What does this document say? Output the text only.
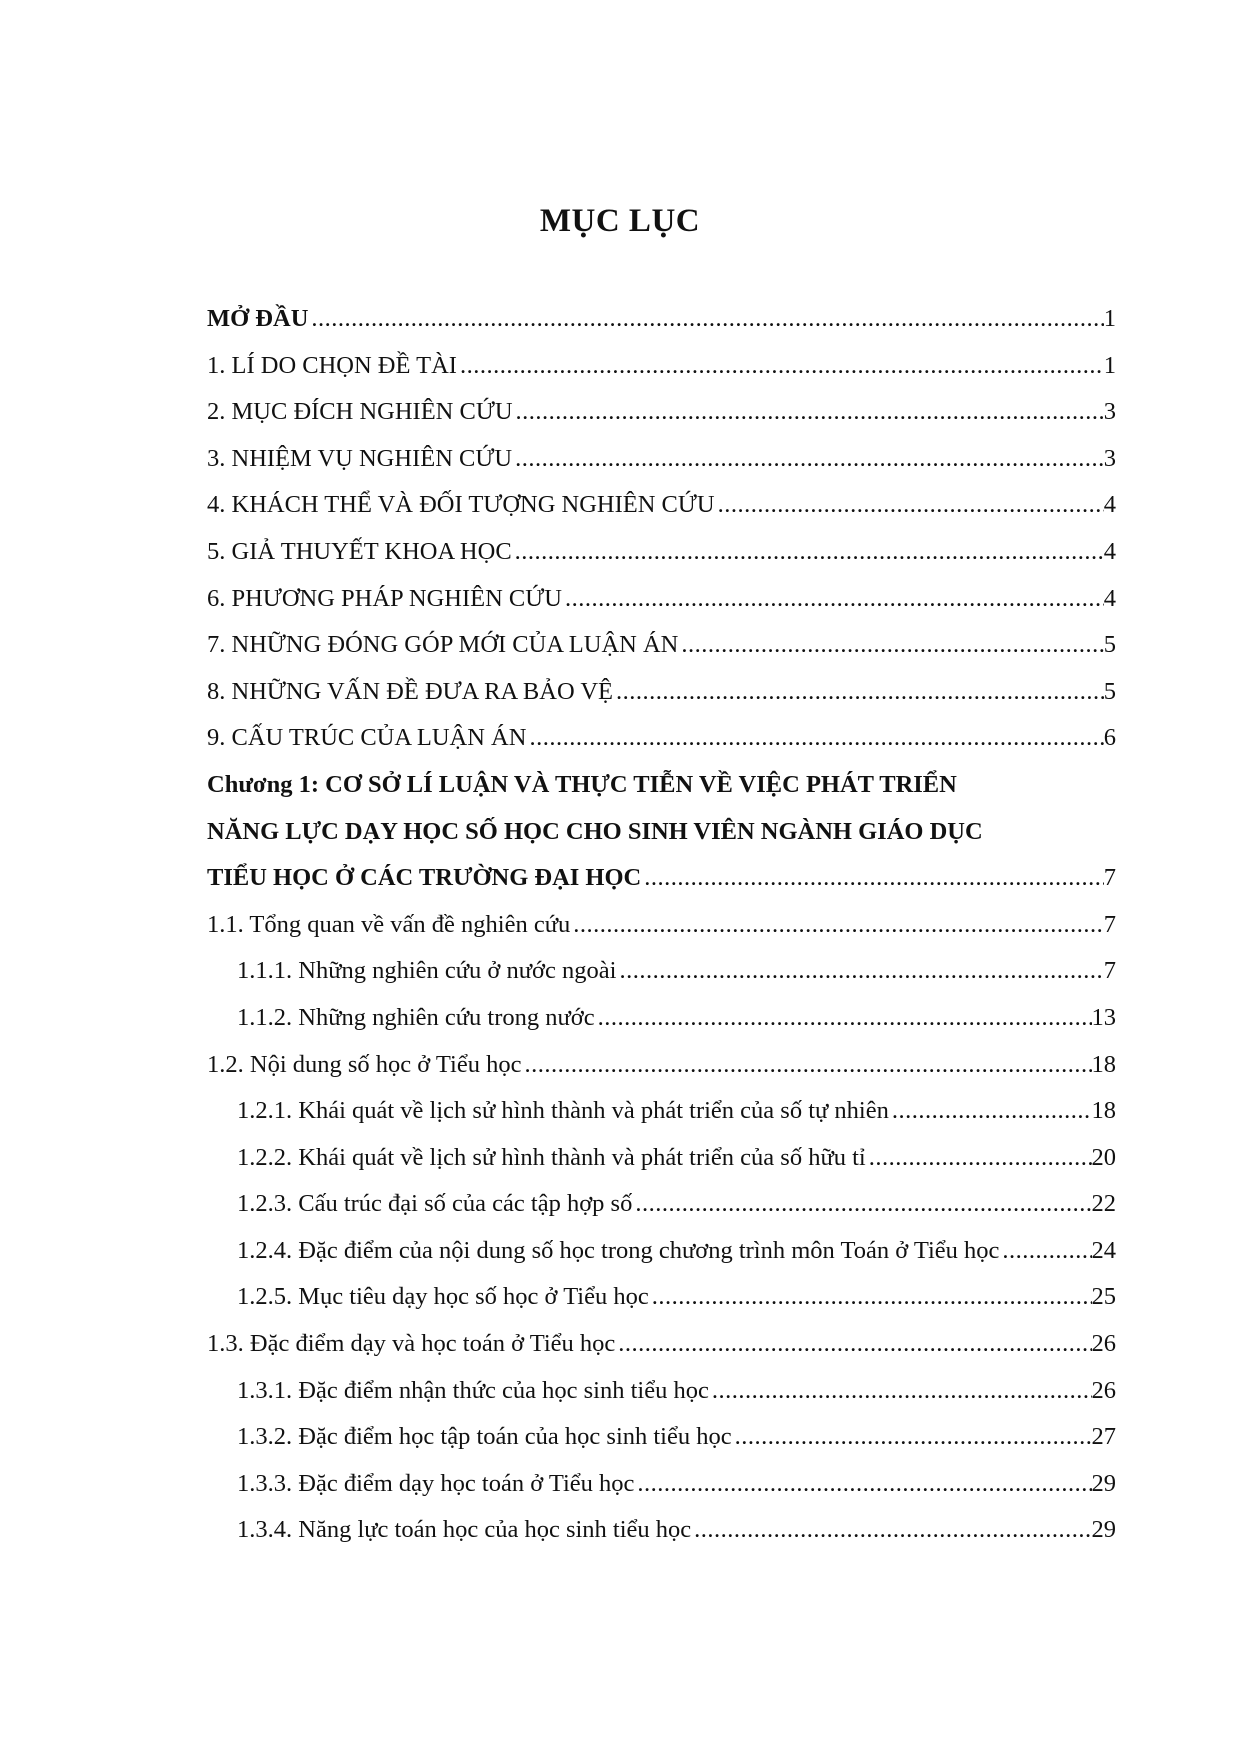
MỤC LỤC
MỞ ĐẦU .....	1
1. LÍ DO CHỌN ĐỀ TÀI .....	1
2. MỤC ĐÍCH NGHIÊN CỨU .....	3
3. NHIỆM VỤ NGHIÊN CỨU .....	3
4. KHÁCH THỂ VÀ ĐỐI TƯỢNG NGHIÊN CỨU .....	4
5. GIẢ THUYẾT KHOA HỌC .....	4
6. PHƯƠNG PHÁP NGHIÊN CỨU .....	4
7. NHỮNG ĐÓNG GÓP MỚI CỦA LUẬN ÁN .....	5
8. NHỮNG VẤN ĐỀ ĐƯA RA BẢO VỆ .....	5
9. CẤU TRÚC CỦA LUẬN ÁN .....	6
Chương 1: CƠ SỞ LÍ LUẬN VÀ THỰC TIỄN VỀ VIỆC PHÁT TRIỂN
NĂNG LỰC DẠY HỌC SỐ HỌC CHO SINH VIÊN NGÀNH GIÁO DỤC
TIỂU HỌC Ở CÁC TRƯỜNG ĐẠI HỌC .....	7
1.1. Tổng quan về vấn đề nghiên cứu .....	7
1.1.1. Những nghiên cứu ở nước ngoài .....	7
1.1.2. Những nghiên cứu trong nước .....	13
1.2. Nội dung số học ở Tiểu học .....	18
1.2.1. Khái quát về lịch sử hình thành và phát triển của số tự nhiên .....	18
1.2.2. Khái quát về lịch sử hình thành và phát triển của số hữu tỉ .....	20
1.2.3. Cấu trúc đại số của các tập hợp số .....	22
1.2.4. Đặc điểm của nội dung số học trong chương trình môn Toán ở Tiểu học .....	24
1.2.5. Mục tiêu dạy học số học ở Tiểu học .....	25
1.3. Đặc điểm dạy và học toán ở Tiểu học .....	26
1.3.1. Đặc điểm nhận thức của học sinh tiểu học .....	26
1.3.2. Đặc điểm học tập toán của học sinh tiểu học .....	27
1.3.3. Đặc điểm dạy học toán ở Tiểu học .....	29
1.3.4. Năng lực toán học của học sinh tiểu học .....	29
